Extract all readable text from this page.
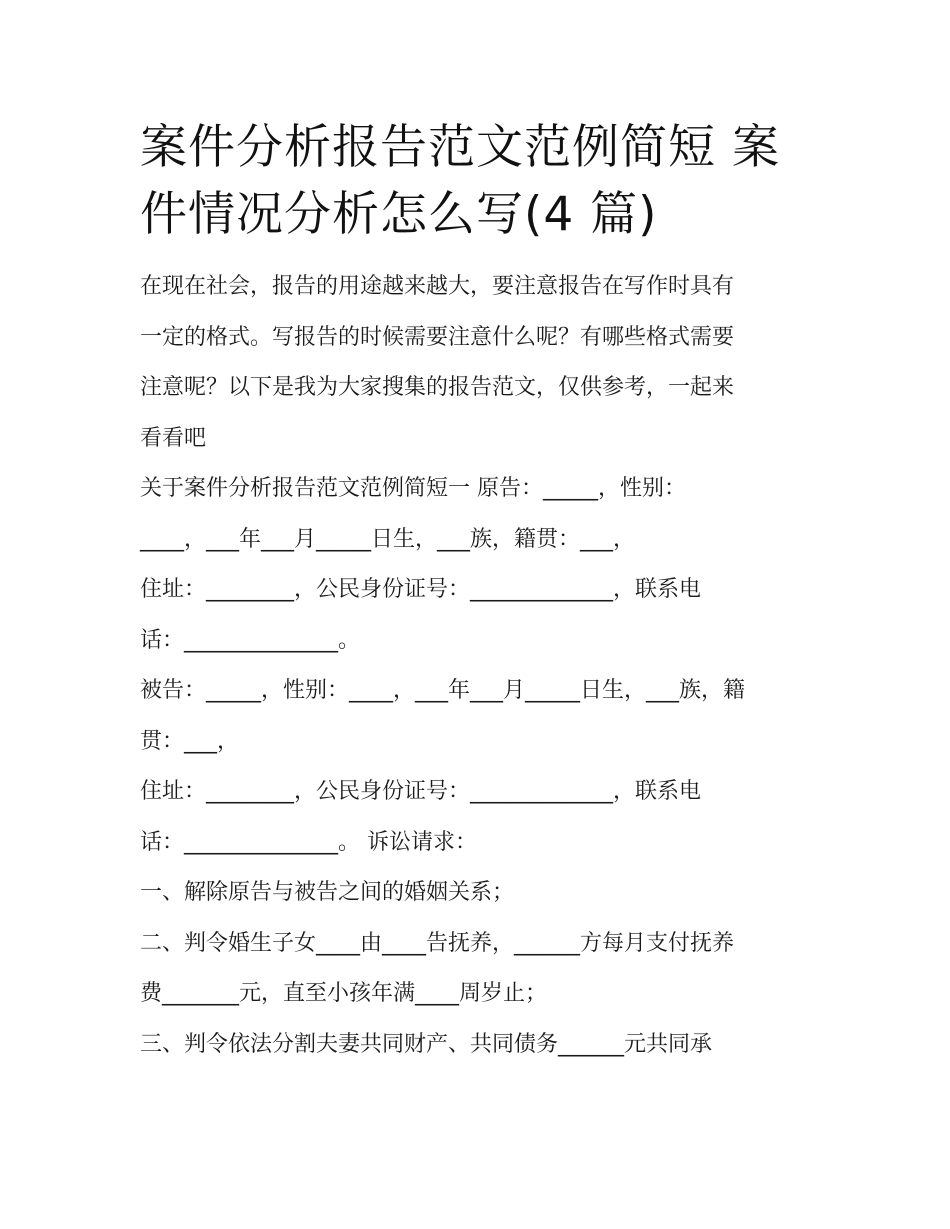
案件分析报告范文范例简短 案
件情况分析怎么写(4 篇)
在现在社会，报告的用途越来越大，要注意报告在写作时具有
一定的格式。写报告的时候需要注意什么呢？有哪些格式需要
注意呢？以下是我为大家搜集的报告范文，仅供参考，一起来
看看吧
关于案件分析报告范文范例简短一 原告：_____，性别：
____，___年___月_____日生，___族，籍贯：___，
住址：________，公民身份证号：_____________，联系电
话：______________。
被告：_____，性别：____，___年___月_____日生，___族，籍
贯：___，
住址：________，公民身份证号：_____________，联系电
话：______________。 诉讼请求：
一、解除原告与被告之间的婚姻关系；
二、判令婚生子女____由____告抚养，______方每月支付抚养
费_______元，直至小孩年满____周岁止；
三、判令依法分割夫妻共同财产、共同债务______元共同承
